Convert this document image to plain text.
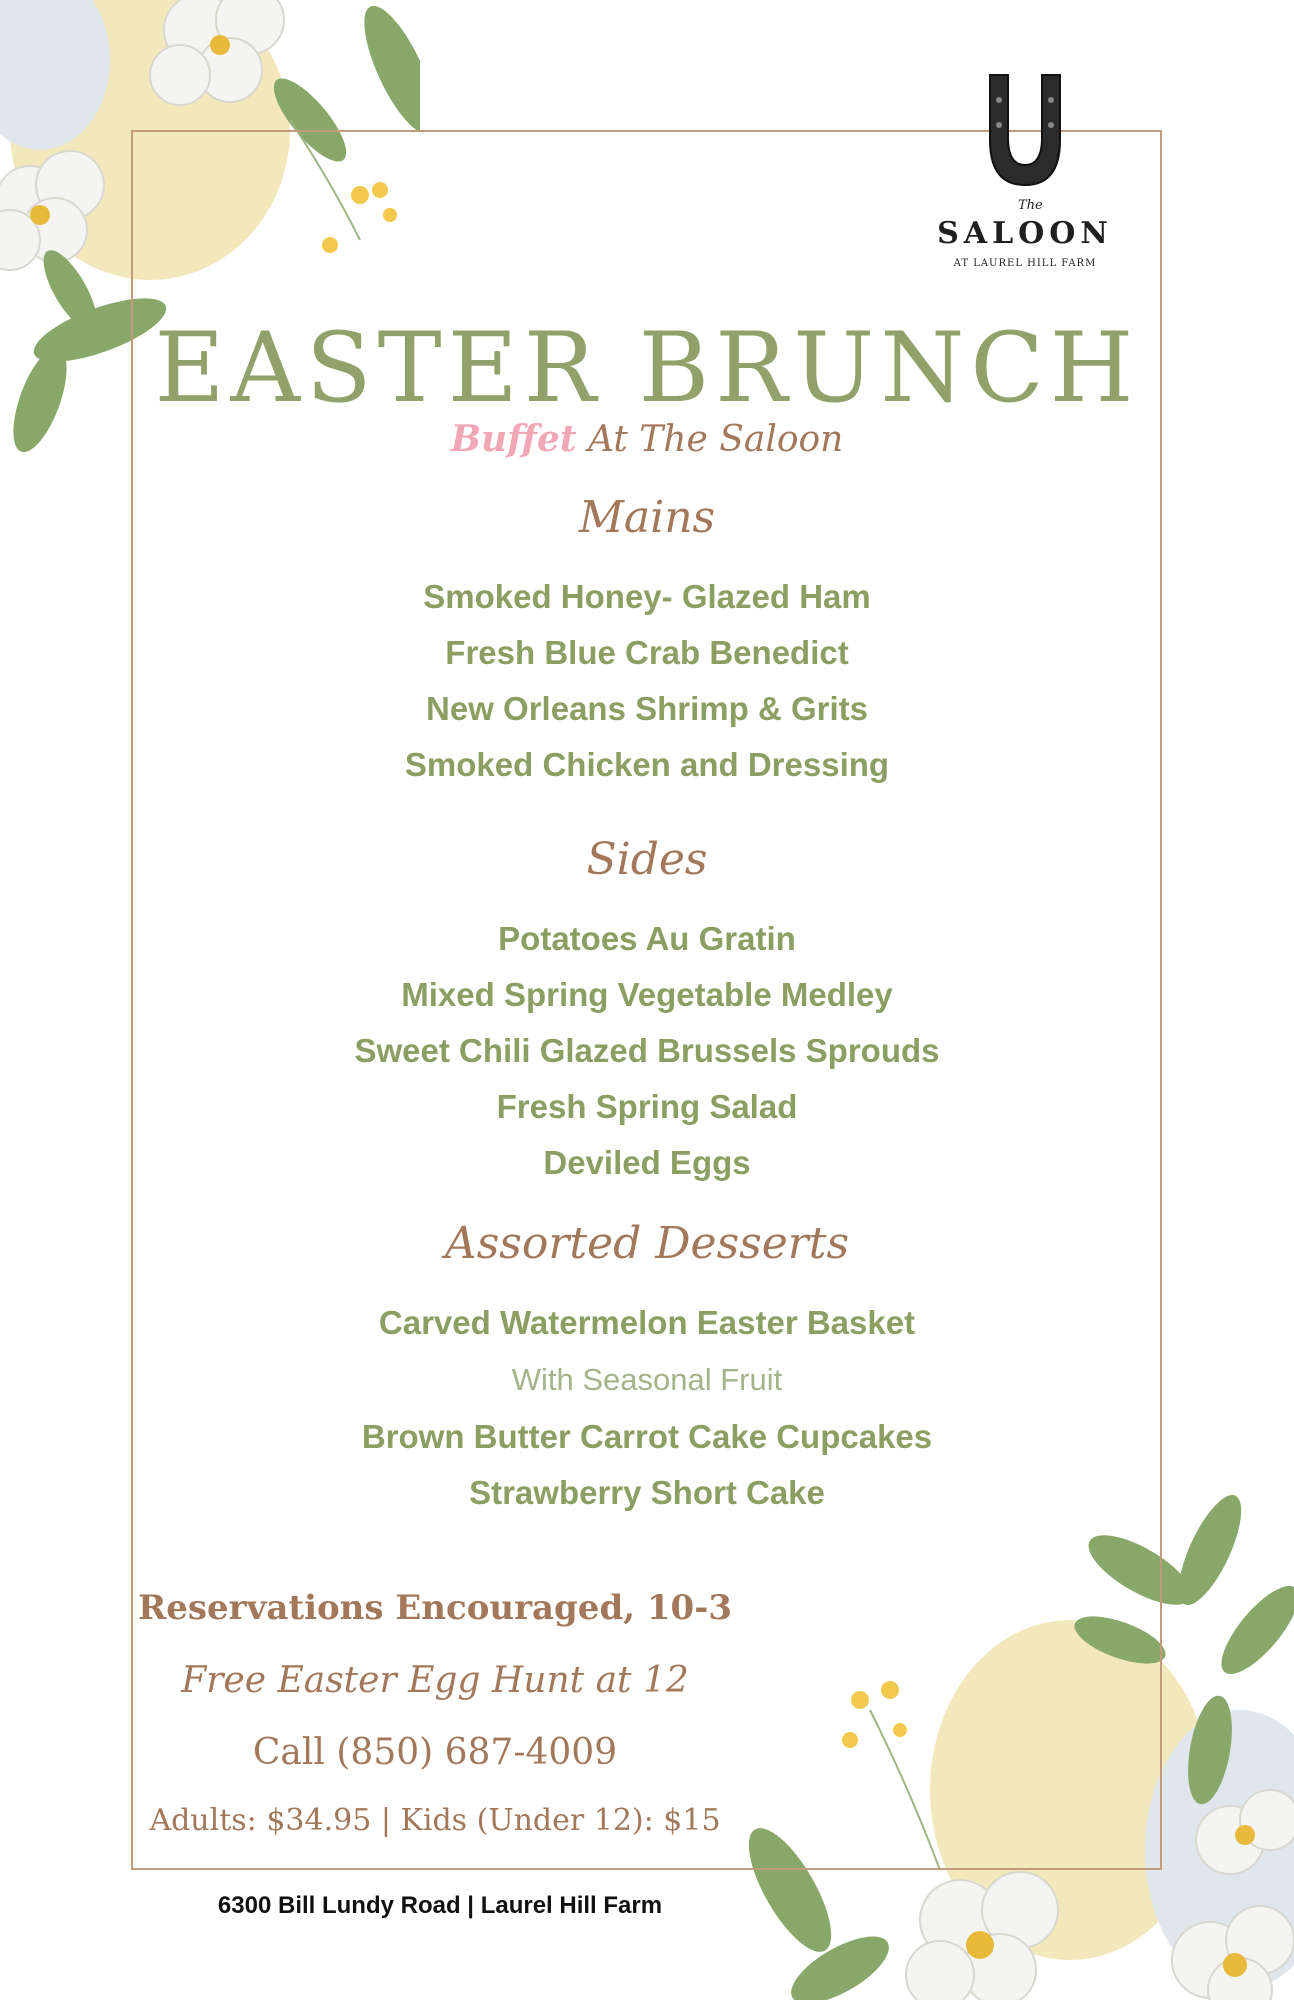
The
SALOON
AT LAUREL HILL FARM
EASTER BRUNCH
Buffet At The Saloon
Mains
Smoked Honey- Glazed Ham
Fresh Blue Crab Benedict
New Orleans Shrimp & Grits
Smoked Chicken and Dressing
Sides
Potatoes Au Gratin
Mixed Spring Vegetable Medley
Sweet Chili Glazed Brussels Sprouds
Fresh Spring Salad
Deviled Eggs
Assorted Desserts
Carved Watermelon Easter Basket
With Seasonal Fruit
Brown Butter Carrot Cake Cupcakes
Strawberry Short Cake
Reservations Encouraged, 10-3
Free Easter Egg Hunt at 12
Call (850) 687-4009
Adults: $34.95 | Kids (Under 12): $15
6300 Bill Lundy Road | Laurel Hill Farm
